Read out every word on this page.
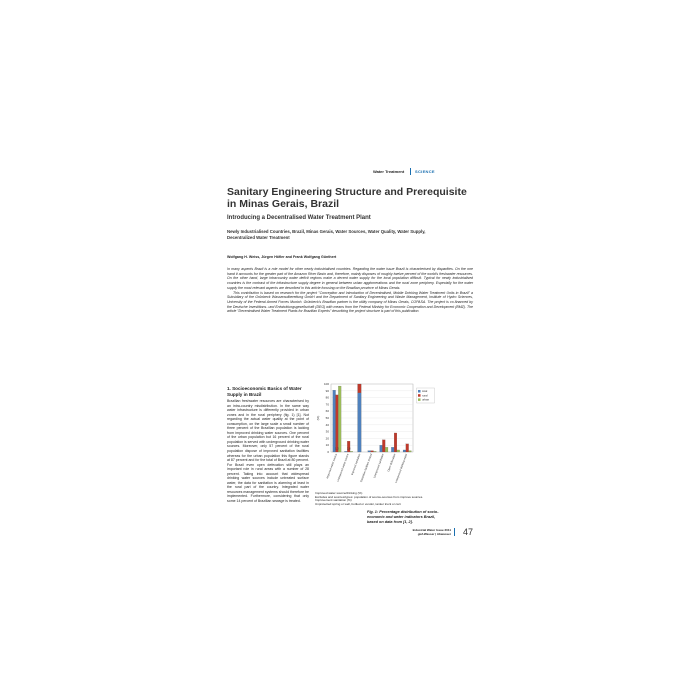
Water Treatment	SCIENCE
Sanitary Engineering Structure and Prerequisite in Minas Gerais, Brazil
Introducing a Decentralised Water Treatment Plant
Newly Industrialised Countries, Brazil, Minas Gerais, Water Sources, Water Quality, Water Supply, Decentralized Water Treatment
Wolfgang H. Weiss, Jürgen Höfler and Frank Wolfgang Günthert

In many aspects Brazil is a role model for other newly industrialised countries. Regarding the water issue Brazil is characterised by disparities. On the one hand it accounts for the greater part of the Amazon River Basin and, therefore, mainly disposes of roughly twelve percent of the world's freshwater resources. On the other hand, large intracountry water deficit regions make a decent water supply for the local population difficult. Typical for newly industrialised countries is the contrast of the infrastructure supply degree in general between urban agglomerations and the rural zone periphery. Especially for the water supply the most relevant aspects are described in this article focusing on the Brazilian province of Minas Gerais.

This contribution is based on research for the project "Conception and Introduction of Decentralised, Mobile Drinking Water Treatment Units in Brazil" a Subsidiary of the Grünbeck Wasseraufbereitung GmbH and the Department of Sanitary Engineering and Waste Management, Institute of Hydro Sciences, University of the Federal Armed Forces Munich. Grünbeck's Brazilian partner is the utility company of Minas Gerais, COPASA. The project is co-financed by the Deutsche Investitions- und Entwicklungsgesellschaft (DEG) with means from the Federal Ministry for Economic Cooperation and Development (BMZ). The article "Decentralised Water Treatment Plants for Brazilian Experts" describing the project structure is part of this publication.

1. Socioeconomic Basics of Water Supply in Brazil
Brazilian freshwater resources are characterised by an intra-country misdistribution. In the same way water infrastructure is differently provided in urban zones and in the rural periphery (fig. 1) [1]. Not regarding the actual water quality at the point of consumption, on the large scale a small number of three percent of the Brazilian population is lacking from improved drinking water sources. One percent of the urban population but 16 percent of the rural population is served with underground drinking water sources. Moreover, only 57 percent of the rural population dispose of improved sanitation facilities whereas for the urban population this figure stands at 87 percent and for the total of Brazil at 80 percent. For Brazil even open defecation still plays an important role in rural areas with a number of 28 percent. Taking into account that widespread drinking water sources include untreated surface water, the data for sanitation is alarming at least in the rural part of the country. Integrated water resources management systems should therefore be implemented. Furthermore, considering that only some 14 percent of Brazilian sewage is treated.
0
10
20
30
40
50
60
70
80
90
100
(%)
Improved water source
Unimproved water source Improved sanitation
Sanitation facilities shared Unimproved sanitation Open defecation
Unimproved drinking water
1,3	1,8
total
rural
urban
Improved water source/drinking (%)
Excludes and sources/types: population of source-sources from improve sources.
Improvement sanitation (%)
Unprotected spring or well, bottled or vendor, tanker truck or cart
Fig. 1: Percentage distribution of socio-economic and water indicators Brazil, based on data from [1, 2].
Industrial Water Issue 2011
gwf-Wasser | Abwasser 47
